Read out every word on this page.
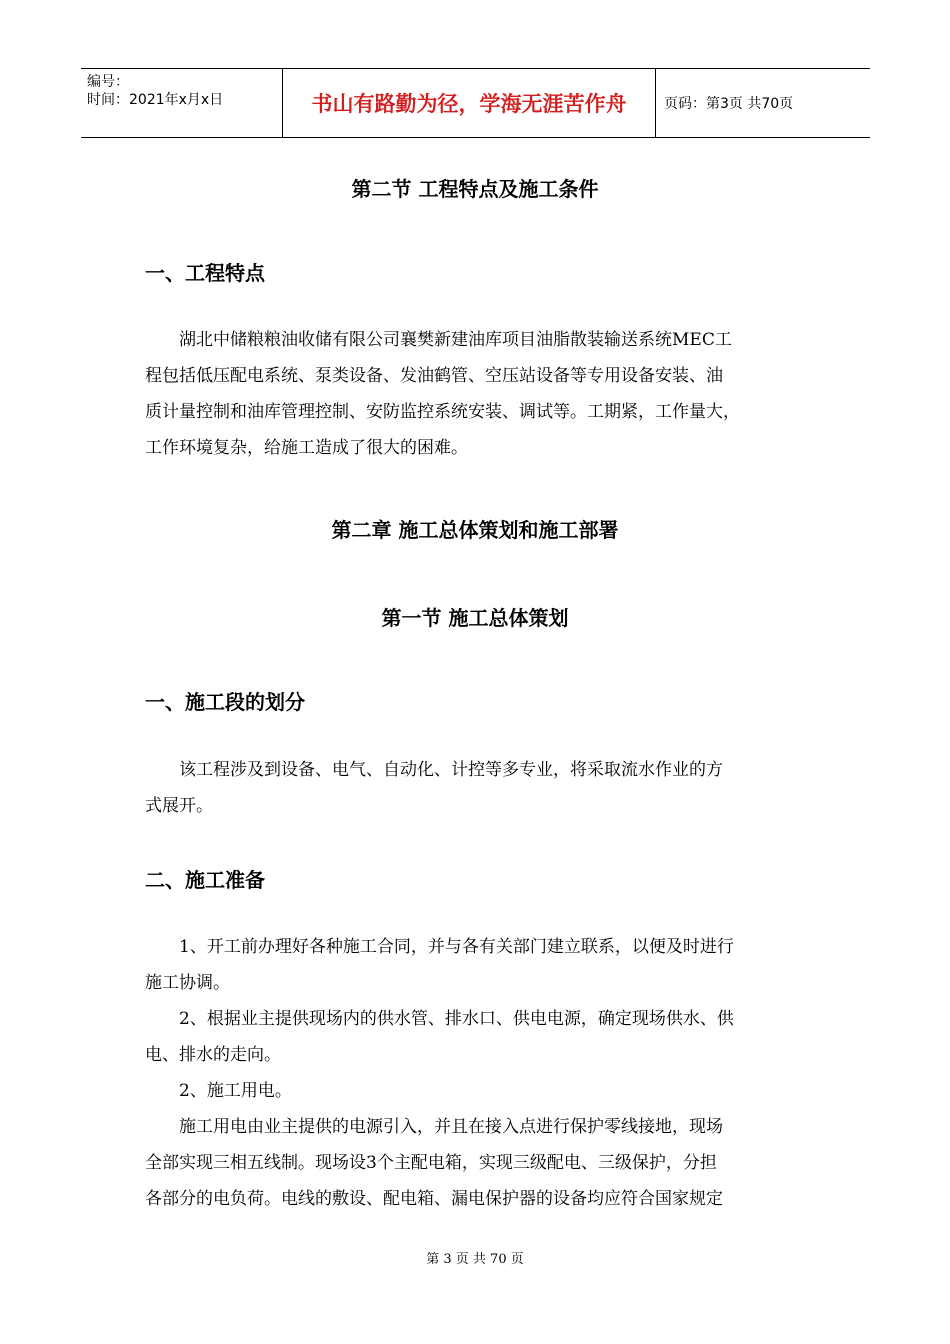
编号：
时间：2021年x月x日	书山有路勤为径，学海无涯苦作舟	页码：第3页 共70页
第二节 工程特点及施工条件
一、工程特点
湖北中储粮粮油收储有限公司襄樊新建油库项目油脂散装输送系统MEC工
程包括低压配电系统、泵类设备、发油鹤管、空压站设备等专用设备安装、油
质计量控制和油库管理控制、安防监控系统安装、调试等。工期紧，工作量大，
工作环境复杂，给施工造成了很大的困难。
第二章 施工总体策划和施工部署
第一节 施工总体策划
一、施工段的划分
该工程涉及到设备、电气、自动化、计控等多专业，将采取流水作业的方
式展开。
二、施工准备
1、开工前办理好各种施工合同，并与各有关部门建立联系，以便及时进行
施工协调。
2、根据业主提供现场内的供水管、排水口、供电电源，确定现场供水、供
电、排水的走向。
2、施工用电。
施工用电由业主提供的电源引入，并且在接入点进行保护零线接地，现场
全部实现三相五线制。现场设3个主配电箱，实现三级配电、三级保护，分担
各部分的电负荷。电线的敷设、配电箱、漏电保护器的设备均应符合国家规定
第 3 页 共 70 页
